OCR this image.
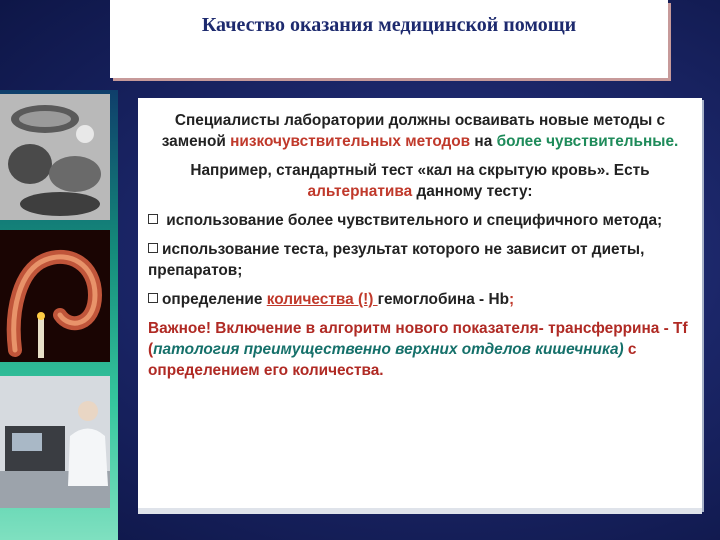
Качество оказания медицинской помощи

Специалисты лаборатории должны осваивать новые методы с заменой низкочувствительных методов на более чувствительные.

Например, стандартный тест «кал на скрытую кровь». Есть альтернатива данному тесту:

использование более чувствительного и специфичного метода;

использование теста, результат которого не зависит от диеты, препаратов;

определение количества (!) гемоглобина - Hb;

Важное! Включение в алгоритм нового показателя- трансферрина - Tf (патология преимущественно верхних отделов кишечника) с определением его количества.
